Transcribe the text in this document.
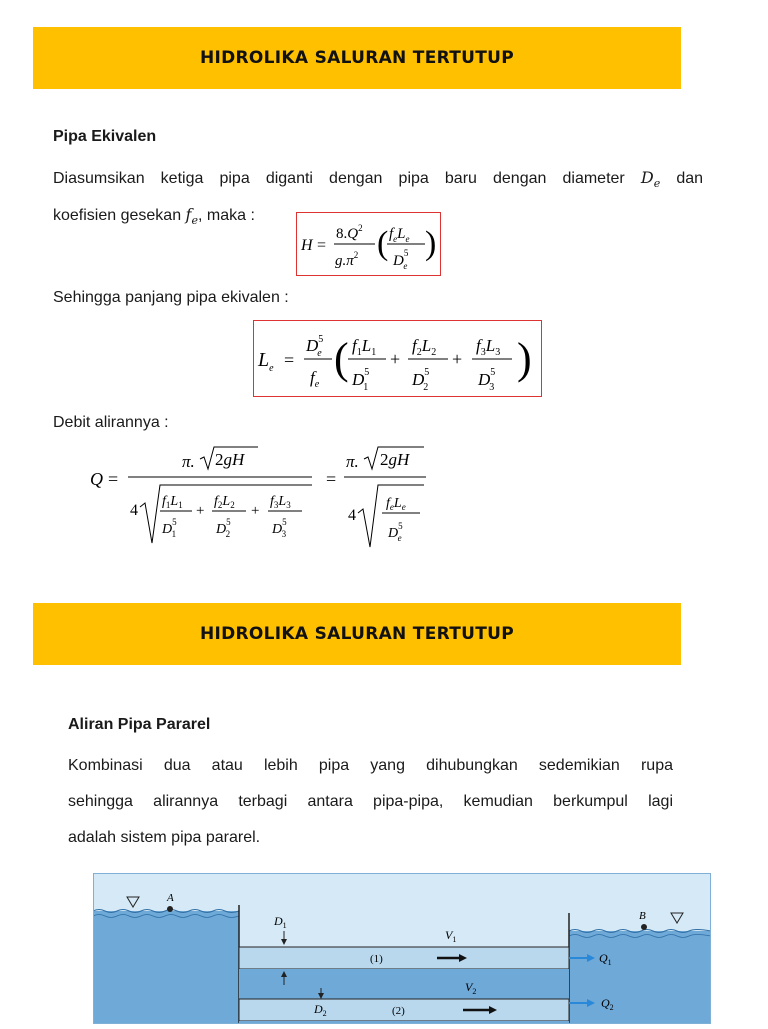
HIDROLIKA SALURAN TERTUTUP
Pipa Ekivalen
Diasumsikan ketiga pipa diganti dengan pipa baru dengan diameter $D_e$ dan
koefisien gesekan $f_e$, maka :
H =
$8.Q^2$
$g.\pi^2$ ( $f_eL_e$
$D^5$ e
)
Sehingga panjang pipa ekivalen :
$L_e$ =
$D^5$ e
$f_e$
( $f_1L_1$
$D^5$ 1
+
$f_2L_2$
$D^5$ 2
+
$f_3L_3$
$D^5$ 3
)
Debit alirannya :
Q =
π. 2gH
4
$f_1L_1$
$D^5$ 1
+
$f_2L_2$
$D^5$ 2
+
$f_3L_3$
$D^5$ 3
=
π. 2gH
4
$f_eL_e$
$D^5$ e
HIDROLIKA SALURAN TERTUTUP
Aliran Pipa Pararel
Kombinasi dua atau lebih pipa yang dihubungkan sedemikian rupa
sehingga alirannya terbagi antara pipa-pipa, kemudian berkumpul lagi
adalah sistem pipa pararel.
A
B
$D_1$
$D_2$
$V_1$
(1)
$V_2$
(2)
$Q_1$
$Q_2$
